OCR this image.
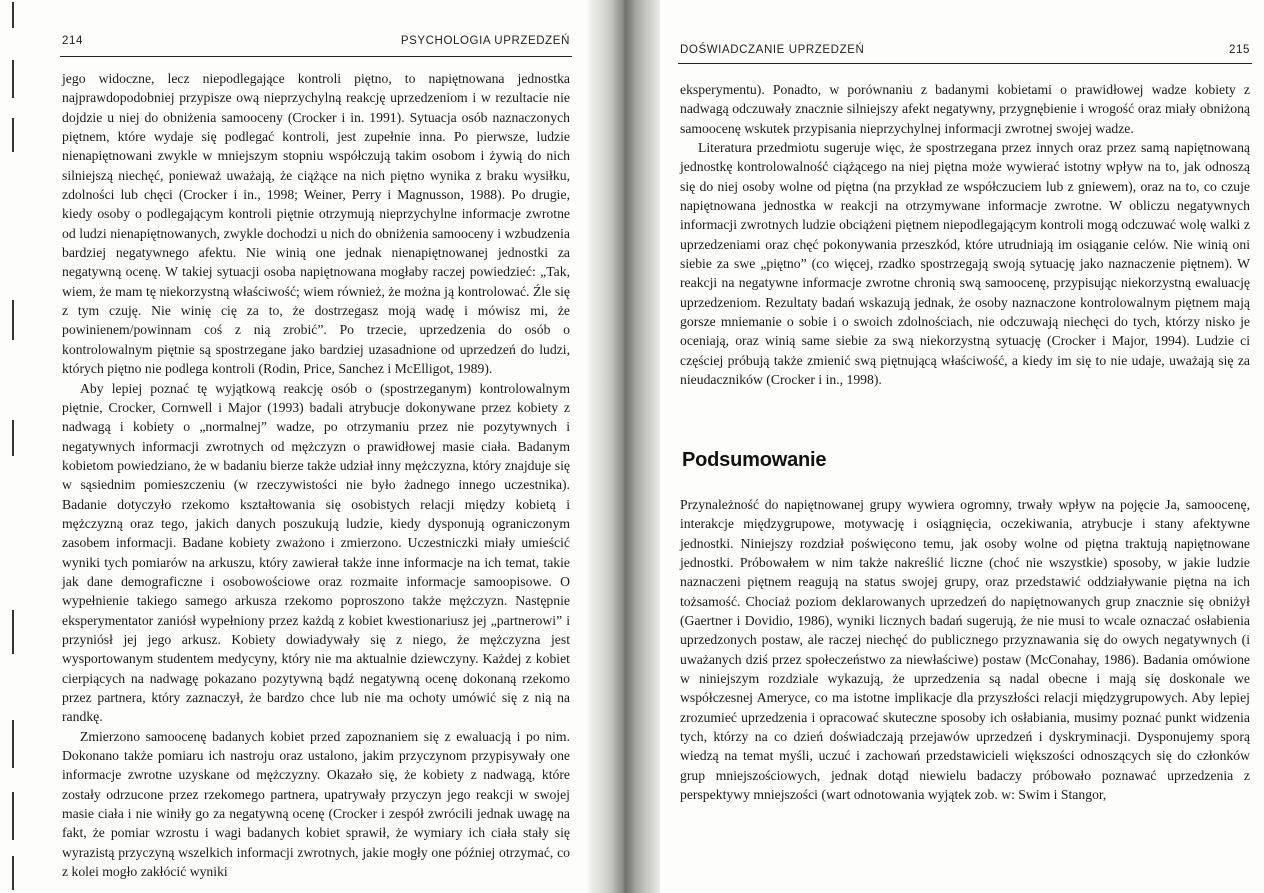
214	PSYCHOLOGIA UPRZEDZEŃ

jego widoczne, lecz niepodlegające kontroli piętno, to napiętnowana jednostka najprawdopodobniej przypisze ową nieprzychylną reakcję uprzedzeniom i w rezultacie nie dojdzie u niej do obniżenia samooceny (Crocker i in. 1991). Sytuacja osób naznaczonych piętnem, które wydaje się podlegać kontroli, jest zupełnie inna. Po pierwsze, ludzie nienapiętnowani zwykle w mniejszym stopniu współczują takim osobom i żywią do nich silniejszą niechęć, ponieważ uważają, że ciążące na nich piętno wynika z braku wysiłku, zdolności lub chęci (Crocker i in., 1998; Weiner, Perry i Magnusson, 1988). Po drugie, kiedy osoby o podlegającym kontroli piętnie otrzymują nieprzychylne informacje zwrotne od ludzi nienapiętnowanych, zwykle dochodzi u nich do obniżenia samooceny i wzbudzenia bardziej negatywnego afektu. Nie winią one jednak nienapiętnowanej jednostki za negatywną ocenę. W takiej sytuacji osoba napiętnowana mogłaby raczej powiedzieć: „Tak, wiem, że mam tę niekorzystną właściwość; wiem również, że można ją kontrolować. Źle się z tym czuję. Nie winię cię za to, że dostrzegasz moją wadę i mówisz mi, że powinienem/powinnam coś z nią zrobić”. Po trzecie, uprzedzenia do osób o kontrolowalnym piętnie są spostrzegane jako bardziej uzasadnione od uprzedzeń do ludzi, których piętno nie podlega kontroli (Rodin, Price, Sanchez i McElligot, 1989).

Aby lepiej poznać tę wyjątkową reakcję osób o (spostrzeganym) kontrolowalnym piętnie, Crocker, Cornwell i Major (1993) badali atrybucje dokonywane przez kobiety z nadwagą i kobiety o „normalnej” wadze, po otrzymaniu przez nie pozytywnych i negatywnych informacji zwrotnych od mężczyzn o prawidłowej masie ciała. Badanym kobietom powiedziano, że w badaniu bierze także udział inny mężczyzna, który znajduje się w sąsiednim pomieszczeniu (w rzeczywistości nie było żadnego innego uczestnika). Badanie dotyczyło rzekomo kształtowania się osobistych relacji między kobietą i mężczyzną oraz tego, jakich danych poszukują ludzie, kiedy dysponują ograniczonym zasobem informacji. Badane kobiety zważono i zmierzono. Uczestniczki miały umieścić wyniki tych pomiarów na arkuszu, który zawierał także inne informacje na ich temat, takie jak dane demograficzne i osobowościowe oraz rozmaite informacje samoopisowe. O wypełnienie takiego samego arkusza rzekomo poproszono także mężczyzn. Następnie eksperymentator zaniósł wypełniony przez każdą z kobiet kwestionariusz jej „partnerowi” i przyniósł jej jego arkusz. Kobiety dowiadywały się z niego, że mężczyzna jest wysportowanym studentem medycyny, który nie ma aktualnie dziewczyny. Każdej z kobiet cierpiących na nadwagę pokazano pozytywną bądź negatywną ocenę dokonaną rzekomo przez partnera, który zaznaczył, że bardzo chce lub nie ma ochoty umówić się z nią na randkę.

Zmierzono samoocenę badanych kobiet przed zapoznaniem się z ewaluacją i po nim. Dokonano także pomiaru ich nastroju oraz ustalono, jakim przyczynom przypisywały one informacje zwrotne uzyskane od mężczyzny. Okazało się, że kobiety z nadwagą, które zostały odrzucone przez rzekomego partnera, upatrywały przyczyn jego reakcji w swojej masie ciała i nie winiły go za negatywną ocenę (Crocker i zespół zwrócili jednak uwagę na fakt, że pomiar wzrostu i wagi badanych kobiet sprawił, że wymiary ich ciała stały się wyrazistą przyczyną wszelkich informacji zwrotnych, jakie mogły one później otrzymać, co z kolei mogło zakłócić wyniki

DOŚWIADCZANIE UPRZEDZEŃ	215

eksperymentu). Ponadto, w porównaniu z badanymi kobietami o prawidłowej wadze kobiety z nadwagą odczuwały znacznie silniejszy afekt negatywny, przygnębienie i wrogość oraz miały obniżoną samoocenę wskutek przypisania nieprzychylnej informacji zwrotnej swojej wadze.

Literatura przedmiotu sugeruje więc, że spostrzegana przez innych oraz przez samą napiętnowaną jednostkę kontrolowalność ciążącego na niej piętna może wywierać istotny wpływ na to, jak odnoszą się do niej osoby wolne od piętna (na przykład ze współczuciem lub z gniewem), oraz na to, co czuje napiętnowana jednostka w reakcji na otrzymywane informacje zwrotne. W obliczu negatywnych informacji zwrotnych ludzie obciążeni piętnem niepodlegającym kontroli mogą odczuwać wolę walki z uprzedzeniami oraz chęć pokonywania przeszkód, które utrudniają im osiąganie celów. Nie winią oni siebie za swe „piętno” (co więcej, rzadko spostrzegają swoją sytuację jako naznaczenie piętnem). W reakcji na negatywne informacje zwrotne chronią swą samoocenę, przypisując niekorzystną ewaluację uprzedzeniom. Rezultaty badań wskazują jednak, że osoby naznaczone kontrolowalnym piętnem mają gorsze mniemanie o sobie i o swoich zdolnościach, nie odczuwają niechęci do tych, którzy nisko je oceniają, oraz winią same siebie za swą niekorzystną sytuację (Crocker i Major, 1994). Ludzie ci częściej próbują także zmienić swą piętnującą właściwość, a kiedy im się to nie udaje, uważają się za nieudaczników (Crocker i in., 1998).

Podsumowanie

Przynależność do napiętnowanej grupy wywiera ogromny, trwały wpływ na pojęcie Ja, samoocenę, interakcje międzygrupowe, motywację i osiągnięcia, oczekiwania, atrybucje i stany afektywne jednostki. Niniejszy rozdział poświęcono temu, jak osoby wolne od piętna traktują napiętnowane jednostki. Próbowałem w nim także nakreślić liczne (choć nie wszystkie) sposoby, w jakie ludzie naznaczeni piętnem reagują na status swojej grupy, oraz przedstawić oddziaływanie piętna na ich tożsamość. Chociaż poziom deklarowanych uprzedzeń do napiętnowanych grup znacznie się obniżył (Gaertner i Dovidio, 1986), wyniki licznych badań sugerują, że nie musi to wcale oznaczać osłabienia uprzedzonych postaw, ale raczej niechęć do publicznego przyznawania się do owych negatywnych (i uważanych dziś przez społeczeństwo za niewłaściwe) postaw (McConahay, 1986). Badania omówione w niniejszym rozdziale wykazują, że uprzedzenia są nadal obecne i mają się doskonale we współczesnej Ameryce, co ma istotne implikacje dla przyszłości relacji międzygrupowych. Aby lepiej zrozumieć uprzedzenia i opracować skuteczne sposoby ich osłabiania, musimy poznać punkt widzenia tych, którzy na co dzień doświadczają przejawów uprzedzeń i dyskryminacji. Dysponujemy sporą wiedzą na temat myśli, uczuć i zachowań przedstawicieli większości odnoszących się do członków grup mniejszościowych, jednak dotąd niewielu badaczy próbowało poznawać uprzedzenia z perspektywy mniejszości (wart odnotowania wyjątek zob. w: Swim i Stangor,
